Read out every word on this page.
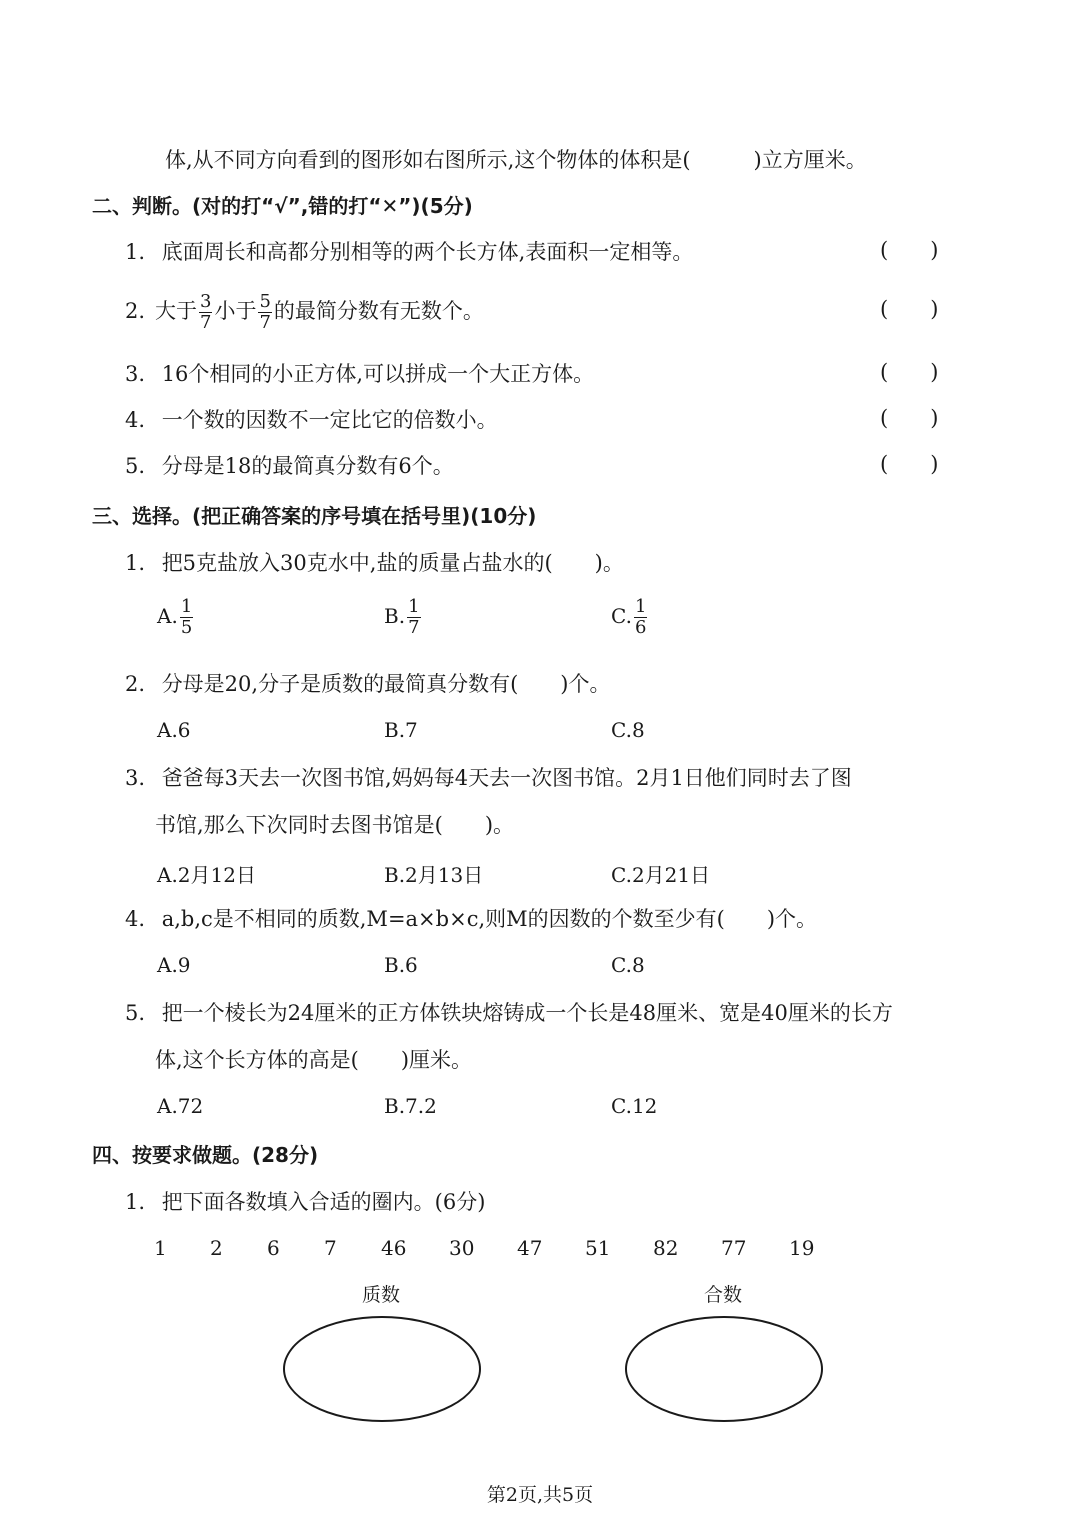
体,从不同方向看到的图形如右图所示,这个物体的体积是(　　　)立方厘米。
二、判断。(对的打“√”,错的打“✕”)(5分)
1. 底面周长和高都分别相等的两个长方体,表面积一定相等。	( )
2. 大于 $\frac{3}{7}$ 小于 $\frac{5}{7}$ 的最简分数有无数个。	( )
3. 16个相同的小正方体,可以拼成一个大正方体。	( )
4. 一个数的因数不一定比它的倍数小。	( )
5. 分母是18的最简真分数有6个。	( )
三、选择。(把正确答案的序号填在括号里)(10分)
1. 把5克盐放入30克水中,盐的质量占盐水的(　　)。
A. $\frac{1}{5}$	B. $\frac{1}{7}$	C. $\frac{1}{6}$
2. 分母是20,分子是质数的最简真分数有(　　)个。
A.6	B.7	C.8
3. 爸爸每3天去一次图书馆,妈妈每4天去一次图书馆。2月1日他们同时去了图
书馆,那么下次同时去图书馆是(　　)。
A.2月12日	B.2月13日	C.2月21日
4. a,b,c是不相同的质数,M=a×b×c,则M的因数的个数至少有(　　)个。
A.9	B.6	C.8
5. 把一个棱长为24厘米的正方体铁块熔铸成一个长是48厘米、宽是40厘米的长方
体,这个长方体的高是(　　)厘米。
A.72	B.7.2	C.12
四、按要求做题。(28分)
1. 把下面各数填入合适的圈内。(6分)
1 2 6 7 46 30 47 51 82 77 19
质数	合数
第2页,共5页
